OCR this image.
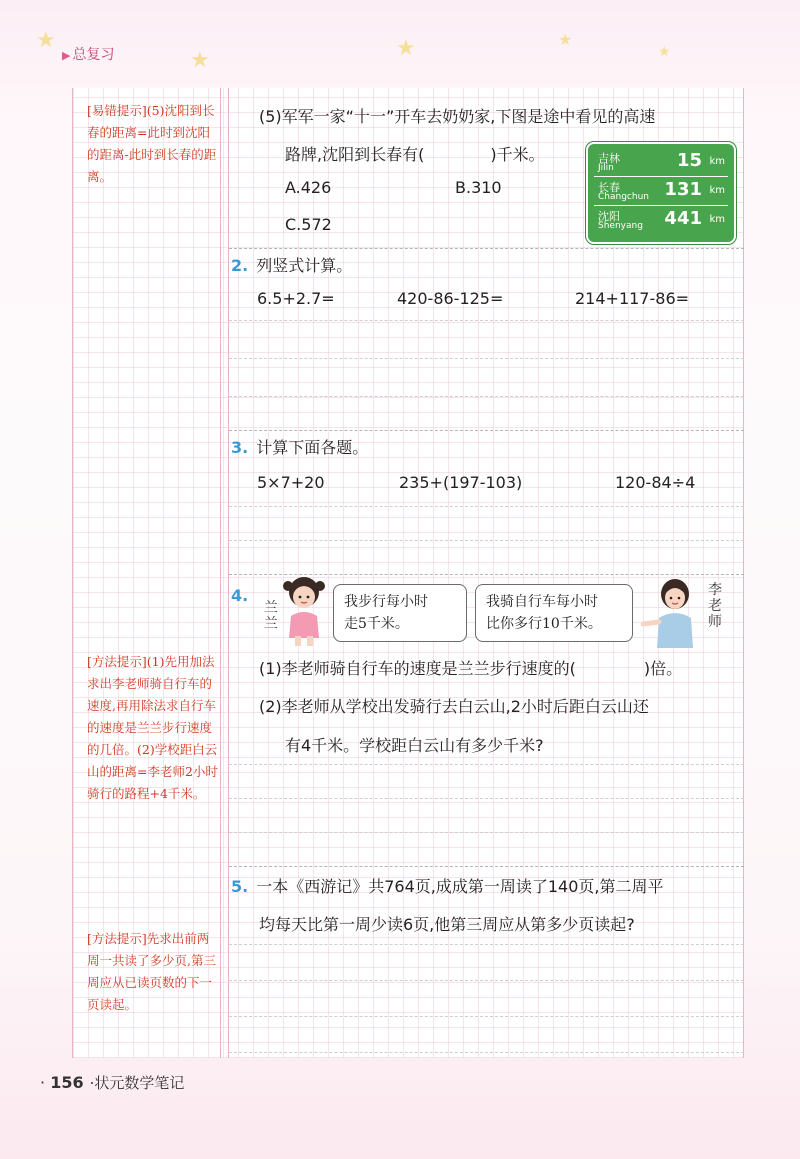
★
★	★	★
★
▶ 总复习
[易错提示](5)沈阳到长春的距离=此时到沈阳的距离-此时到长春的距离。
[方法提示](1)先用加法求出李老师骑自行车的速度,再用除法求自行车的速度是兰兰步行速度的几倍。(2)学校距白云山的距离=李老师2小时骑行的路程+4千米。
[方法提示]先求出前两周一共读了多少页,第三周应从已读页数的下一页读起。
(5)军军一家“十一”开车去奶奶家,下图是途中看见的高速
路牌,沈阳到长春有(	)千米。
A.426	B.310
C.572
2. 列竖式计算。
6.5+2.7=	420-86-125=	214+117-86=
3. 计算下面各题。
5×7+20	235+(197-103)	120-84÷4
4.
兰兰
我步行每小时
走5千米。
我骑自行车每小时
比你多行10千米。
李老师
(1)李老师骑自行车的速度是兰兰步行速度的(	)倍。
(2)李老师从学校出发骑行去白云山,2小时后距白云山还
有4千米。学校距白云山有多少千米?
5. 一本《西游记》共764页,成成第一周读了140页,第二周平
均每天比第一周少读6页,他第三周应从第多少页读起?
吉林
Jilin	15 km
长春
Changchun 131 km
沈阳
Shenyang 441 km
· 156 ·状元数学笔记
